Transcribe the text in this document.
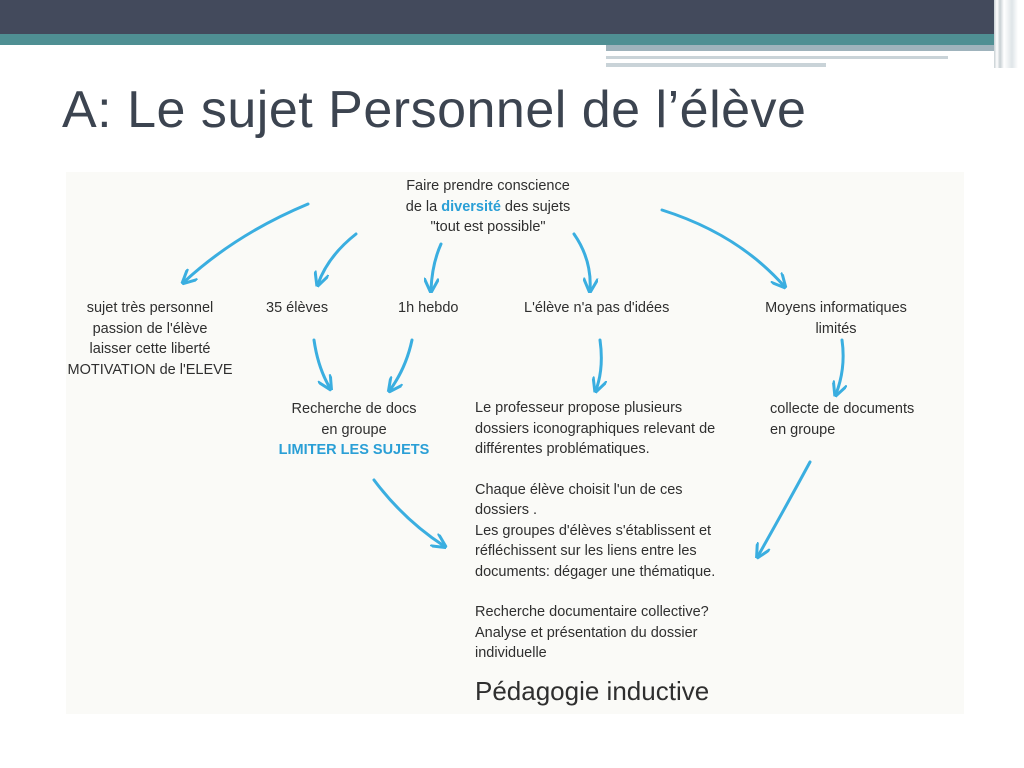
A: Le sujet Personnel de l’élève
Faire prendre conscience
de la diversité des sujets
"tout est possible"
sujet très personnel
passion de l'élève
laisser cette liberté
MOTIVATION de l'ELEVE
35 élèves	1h hebdo	L'élève n'a pas d'idées	Moyens informatiques
limités
Recherche de docs
en groupe
LIMITER LES SUJETS
collecte de documents
en groupe
Le professeur propose plusieurs
dossiers iconographiques relevant de
différentes problématiques.
Chaque élève choisit l'un de ces
dossiers .
Les groupes d'élèves s'établissent et
réfléchissent sur les liens entre les
documents: dégager une thématique.
Recherche documentaire collective?
Analyse et présentation du dossier
individuelle
Pédagogie inductive
